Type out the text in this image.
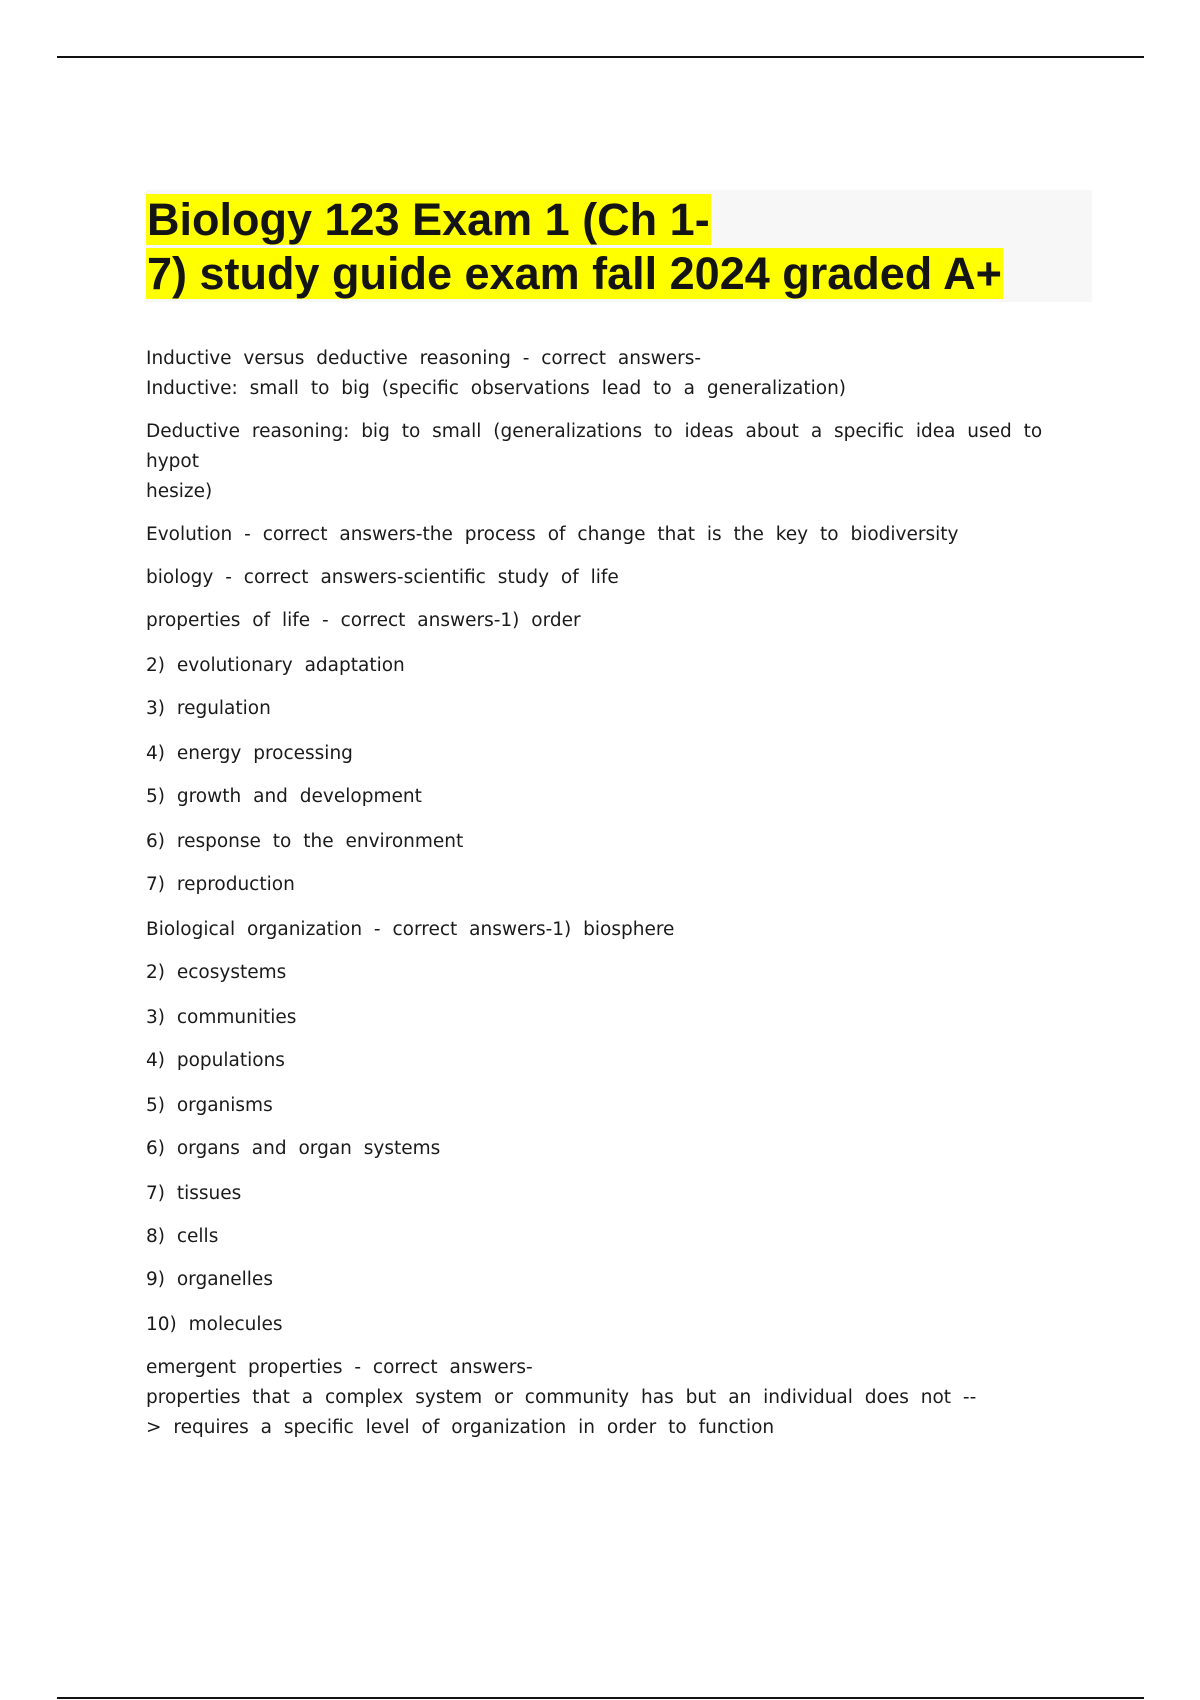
Biology 123 Exam 1 (Ch 1-
7) study guide exam fall 2024 graded A+

Inductive versus deductive reasoning - correct answers-
Inductive: small to big (specific observations lead to a generalization)

Deductive reasoning: big to small (generalizations to ideas about a specific idea used to hypot
hesize)

Evolution - correct answers-the process of change that is the key to biodiversity

biology - correct answers-scientific study of life

properties of life - correct answers-1) order

2) evolutionary adaptation

3) regulation

4) energy processing

5) growth and development

6) response to the environment

7) reproduction

Biological organization - correct answers-1) biosphere

2) ecosystems

3) communities

4) populations

5) organisms

6) organs and organ systems

7) tissues

8) cells

9) organelles

10) molecules

emergent properties - correct answers-
properties that a complex system or community has but an individual does not --
> requires a specific level of organization in order to function
